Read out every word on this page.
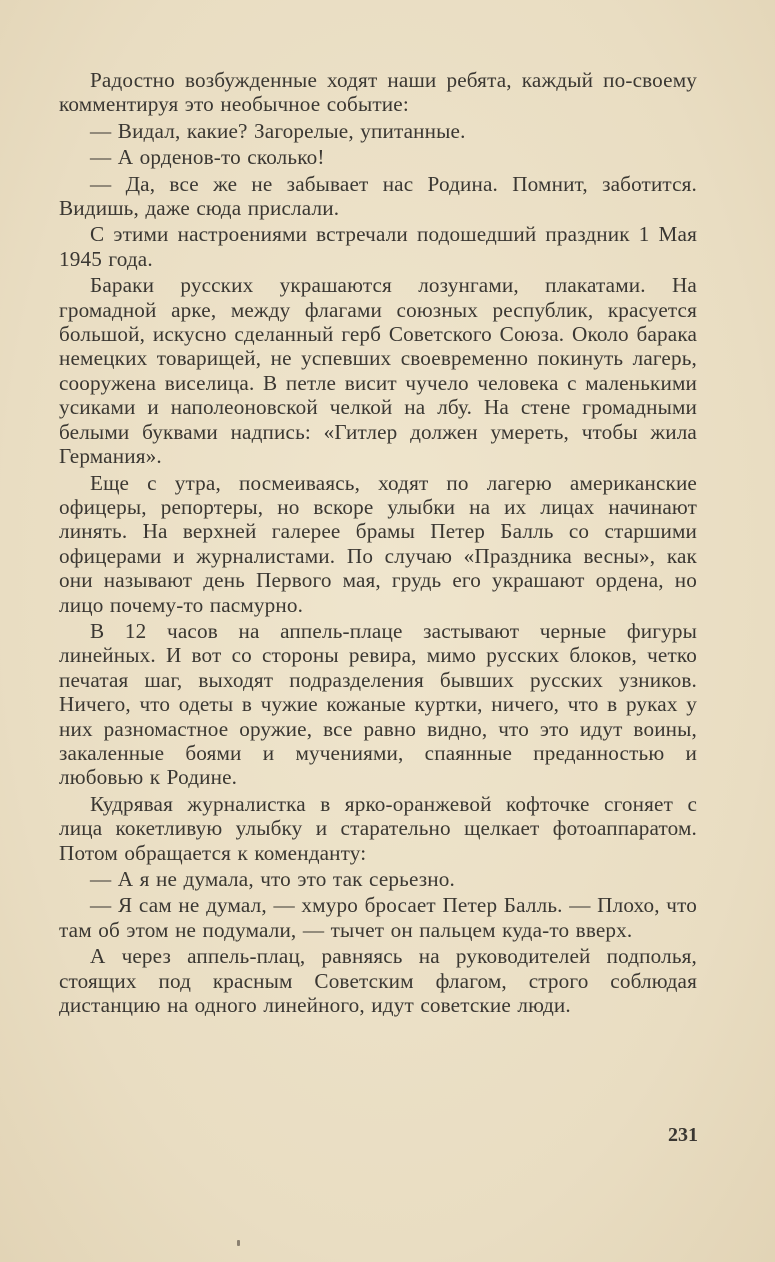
Радостно возбужденные ходят наши ребята, каждый по-своему комментируя это необычное событие:

— Видал, какие? Загорелые, упитанные.

— А орденов-то сколько!

— Да, все же не забывает нас Родина. Помнит, заботится. Видишь, даже сюда прислали.

С этими настроениями встречали подошедший праздник 1 Мая 1945 года.

Бараки русских украшаются лозунгами, плакатами. На громадной арке, между флагами союзных республик, красуется большой, искусно сделанный герб Советского Союза. Около барака немецких товарищей, не успевших своевременно покинуть лагерь, сооружена виселица. В петле висит чучело человека с маленькими усиками и наполеоновской челкой на лбу. На стене громадными белыми буквами надпись: «Гитлер должен умереть, чтобы жила Германия».

Еще с утра, посмеиваясь, ходят по лагерю американские офицеры, репортеры, но вскоре улыбки на их лицах начинают линять. На верхней галерее брамы Петер Балль со старшими офицерами и журналистами. По случаю «Праздника весны», как они называют день Первого мая, грудь его украшают ордена, но лицо почему-то пасмурно.

В 12 часов на аппель-плаце застывают черные фигуры линейных. И вот со стороны ревира, мимо русских блоков, четко печатая шаг, выходят подразделения бывших русских узников. Ничего, что одеты в чужие кожаные куртки, ничего, что в руках у них разномастное оружие, все равно видно, что это идут воины, закаленные боями и мучениями, спаянные преданностью и любовью к Родине.

Кудрявая журналистка в ярко-оранжевой кофточке сгоняет с лица кокетливую улыбку и старательно щелкает фотоаппаратом. Потом обращается к коменданту:

— А я не думала, что это так серьезно.

— Я сам не думал, — хмуро бросает Петер Балль. — Плохо, что там об этом не подумали, — тычет он пальцем куда-то вверх.

А через аппель-плац, равняясь на руководителей подполья, стоящих под красным Советским флагом, строго соблюдая дистанцию на одного линейного, идут советские люди.

231
